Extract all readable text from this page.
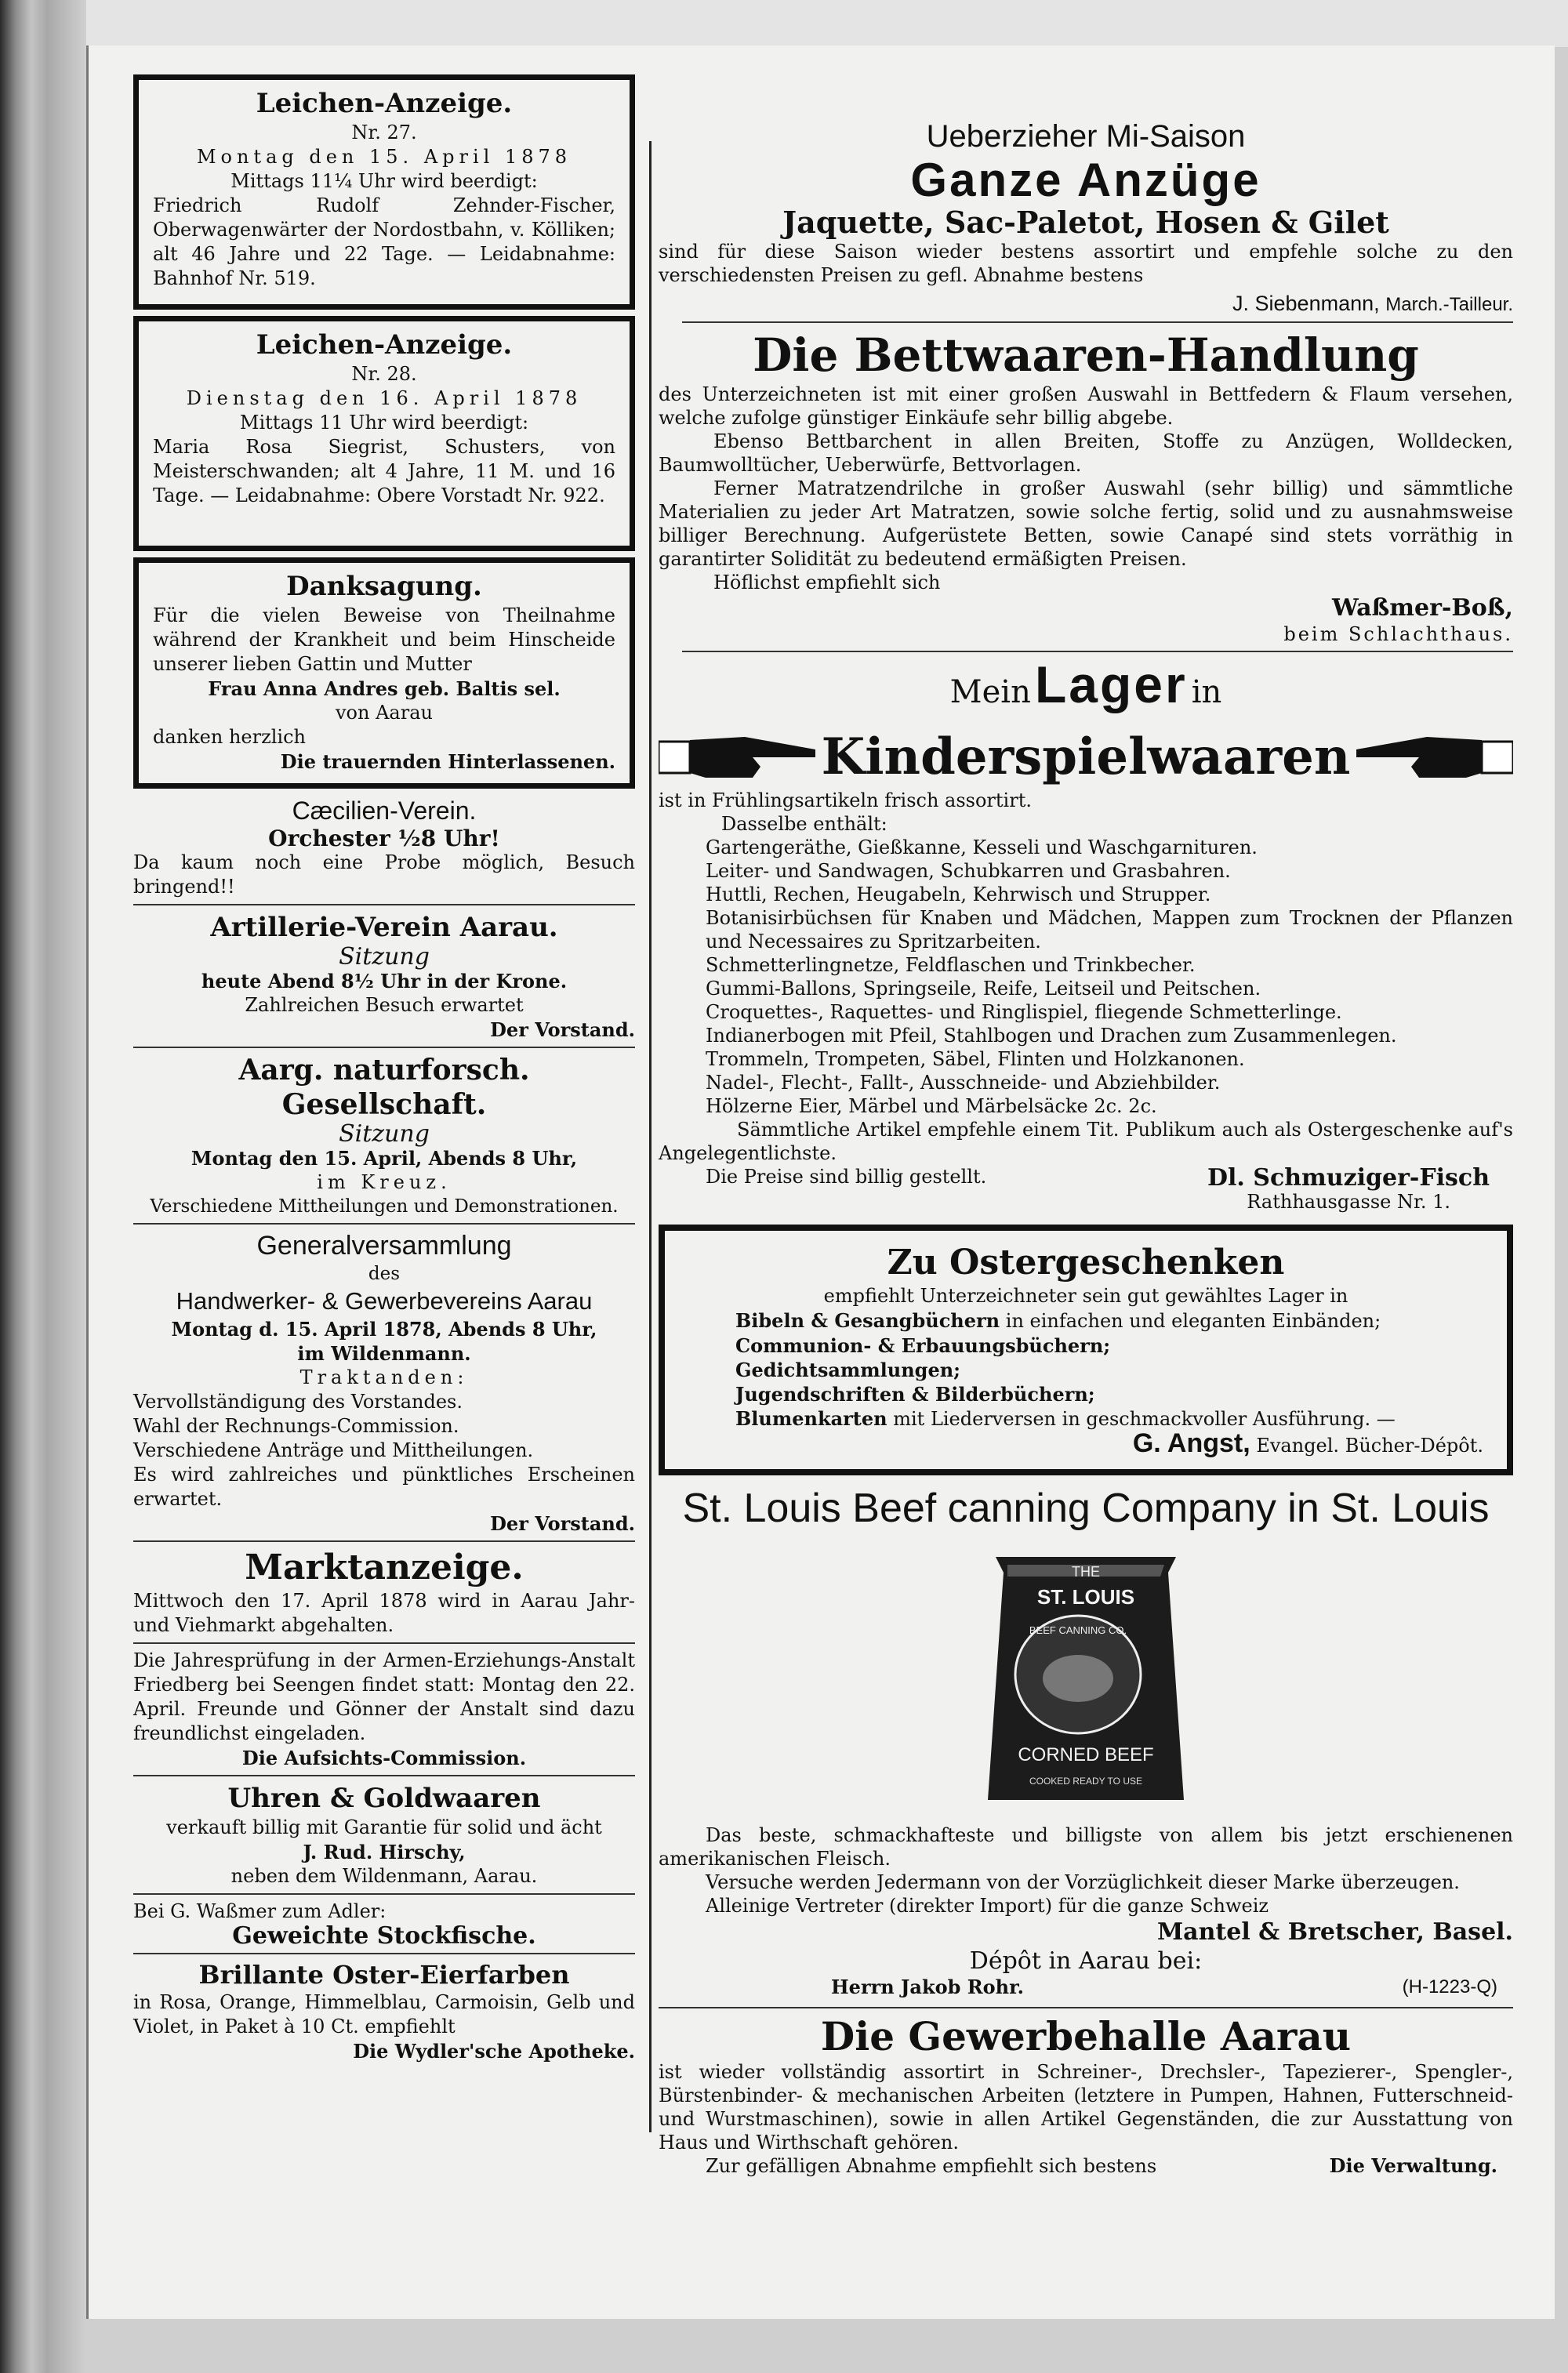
Leichen-Anzeige.
Nr. 27.
Montag den 15. April 1878
Mittags 11¼ Uhr wird beerdigt:
Friedrich Rudolf Zehnder-Fischer, Oberwagenwärter der Nordostbahn, v. Kölliken; alt 46 Jahre und 22 Tage. — Leidabnahme: Bahnhof Nr. 519.
Leichen-Anzeige.
Nr. 28.
Dienstag den 16. April 1878
Mittags 11 Uhr wird beerdigt:
Maria Rosa Siegrist, Schusters, von Meisterschwanden; alt 4 Jahre, 11 M. und 16 Tage. — Leidabnahme: Obere Vorstadt Nr. 922.
Danksagung.
Für die vielen Beweise von Theilnahme während der Krankheit und beim Hinscheide unserer lieben Gattin und Mutter
Frau Anna Andres geb. Baltis sel.
von Aarau
danken herzlich
Die trauernden Hinterlassenen.
Cæcilien-Verein.
Orchester ½8 Uhr!
Da kaum noch eine Probe möglich, Besuch bringend!!
Artillerie-Verein Aarau.
Sitzung
heute Abend 8½ Uhr in der Krone.
Zahlreichen Besuch erwartet
Der Vorstand.
Aarg. naturforsch. Gesellschaft.
Sitzung
Montag den 15. April, Abends 8 Uhr,
im Kreuz.
Verschiedene Mittheilungen und Demonstrationen.
Generalversammlung
des
Handwerker- & Gewerbevereins Aarau
Montag d. 15. April 1878, Abends 8 Uhr,
im Wildenmann.
Traktanden:
Vervollständigung des Vorstandes.
Wahl der Rechnungs-Commission.
Verschiedene Anträge und Mittheilungen.
Es wird zahlreiches und pünktliches Erscheinen erwartet.
Der Vorstand.
Marktanzeige.
Mittwoch den 17. April 1878 wird in Aarau Jahr- und Viehmarkt abgehalten.
Die Jahresprüfung in der Armen-Erziehungs-Anstalt Friedberg bei Seengen findet statt: Montag den 22. April. Freunde und Gönner der Anstalt sind dazu freundlichst eingeladen.
Die Aufsichts-Commission.
Uhren & Goldwaaren
verkauft billig mit Garantie für solid und ächt
J. Rud. Hirschy,
neben dem Wildenmann, Aarau.
Bei G. Waßmer zum Adler:
Geweichte Stockfische.
Brillante Oster-Eierfarben
in Rosa, Orange, Himmelblau, Carmoisin, Gelb und Violet, in Paket à 10 Ct. empfiehlt
Die Wydler'sche Apotheke.
Ueberzieher Mi-Saison
Ganze Anzüge
Jaquette, Sac-Paletot, Hosen & Gilet
sind für diese Saison wieder bestens assortirt und empfehle solche zu den verschiedensten Preisen zu gefl. Abnahme bestens
J. Siebenmann, March.-Tailleur.
Die Bettwaaren-Handlung
des Unterzeichneten ist mit einer großen Auswahl in Bettfedern & Flaum versehen, welche zufolge günstiger Einkäufe sehr billig abgebe.
Ebenso Bettbarchent in allen Breiten, Stoffe zu Anzügen, Wolldecken, Baumwolltücher, Ueberwürfe, Bettvorlagen.
Ferner Matratzendrilche in großer Auswahl (sehr billig) und sämmtliche Materialien zu jeder Art Matratzen, sowie solche fertig, solid und zu ausnahmsweise billiger Berechnung. Aufgerüstete Betten, sowie Canapé sind stets vorräthig in garantirter Solidität zu bedeutend ermäßigten Preisen.
Höflichst empfiehlt sich
Waßmer-Boß,
beim Schlachthaus.
Mein Lager in
Kinderspielwaaren
ist in Frühlingsartikeln frisch assortirt.
Dasselbe enthält:
Gartengeräthe, Gießkanne, Kesseli und Waschgarnituren.
Leiter- und Sandwagen, Schubkarren und Grasbahren.
Huttli, Rechen, Heugabeln, Kehrwisch und Strupper.
Botanisirbüchsen für Knaben und Mädchen, Mappen zum Trocknen der Pflanzen und Necessaires zu Spritzarbeiten.
Schmetterlingnetze, Feldflaschen und Trinkbecher.
Gummi-Ballons, Springseile, Reife, Leitseil und Peitschen.
Croquettes-, Raquettes- und Ringlispiel, fliegende Schmetterlinge.
Indianerbogen mit Pfeil, Stahlbogen und Drachen zum Zusammenlegen.
Trommeln, Trompeten, Säbel, Flinten und Holzkanonen.
Nadel-, Flecht-, Fallt-, Ausschneide- und Abziehbilder.
Hölzerne Eier, Märbel und Märbelsäcke 2c. 2c.
Sämmtliche Artikel empfehle einem Tit. Publikum auch als Ostergeschenke auf's Angelegentlichste.
Die Preise sind billig gestellt.	Dl. Schmuziger-Fisch
Rathhausgasse Nr. 1.
Zu Ostergeschenken
empfiehlt Unterzeichneter sein gut gewähltes Lager in
Bibeln & Gesangbüchern in einfachen und eleganten Einbänden;
Communion- & Erbauungsbüchern;
Gedichtsammlungen;
Jugendschriften & Bilderbüchern;
Blumenkarten mit Liederversen in geschmackvoller Ausführung. —
G. Angst, Evangel. Bücher-Dépôt.
St. Louis Beef canning Company in St. Louis
THE
ST. LOUIS
BEEF CANNING CO.
CORNED BEEF
COOKED READY TO USE
Das beste, schmackhafteste und billigste von allem bis jetzt erschienenen amerikanischen Fleisch.
Versuche werden Jedermann von der Vorzüglichkeit dieser Marke überzeugen.
Alleinige Vertreter (direkter Import) für die ganze Schweiz
Mantel & Bretscher, Basel.
Dépôt in Aarau bei:
Herrn Jakob Rohr.	(H-1223-Q)
Die Gewerbehalle Aarau
ist wieder vollständig assortirt in Schreiner-, Drechsler-, Tapezierer-, Spengler-, Bürstenbinder- & mechanischen Arbeiten (letztere in Pumpen, Hahnen, Futterschneid- und Wurstmaschinen), sowie in allen Artikel Gegenständen, die zur Ausstattung von Haus und Wirthschaft gehören.
Zur gefälligen Abnahme empfiehlt sich bestens	Die Verwaltung.
